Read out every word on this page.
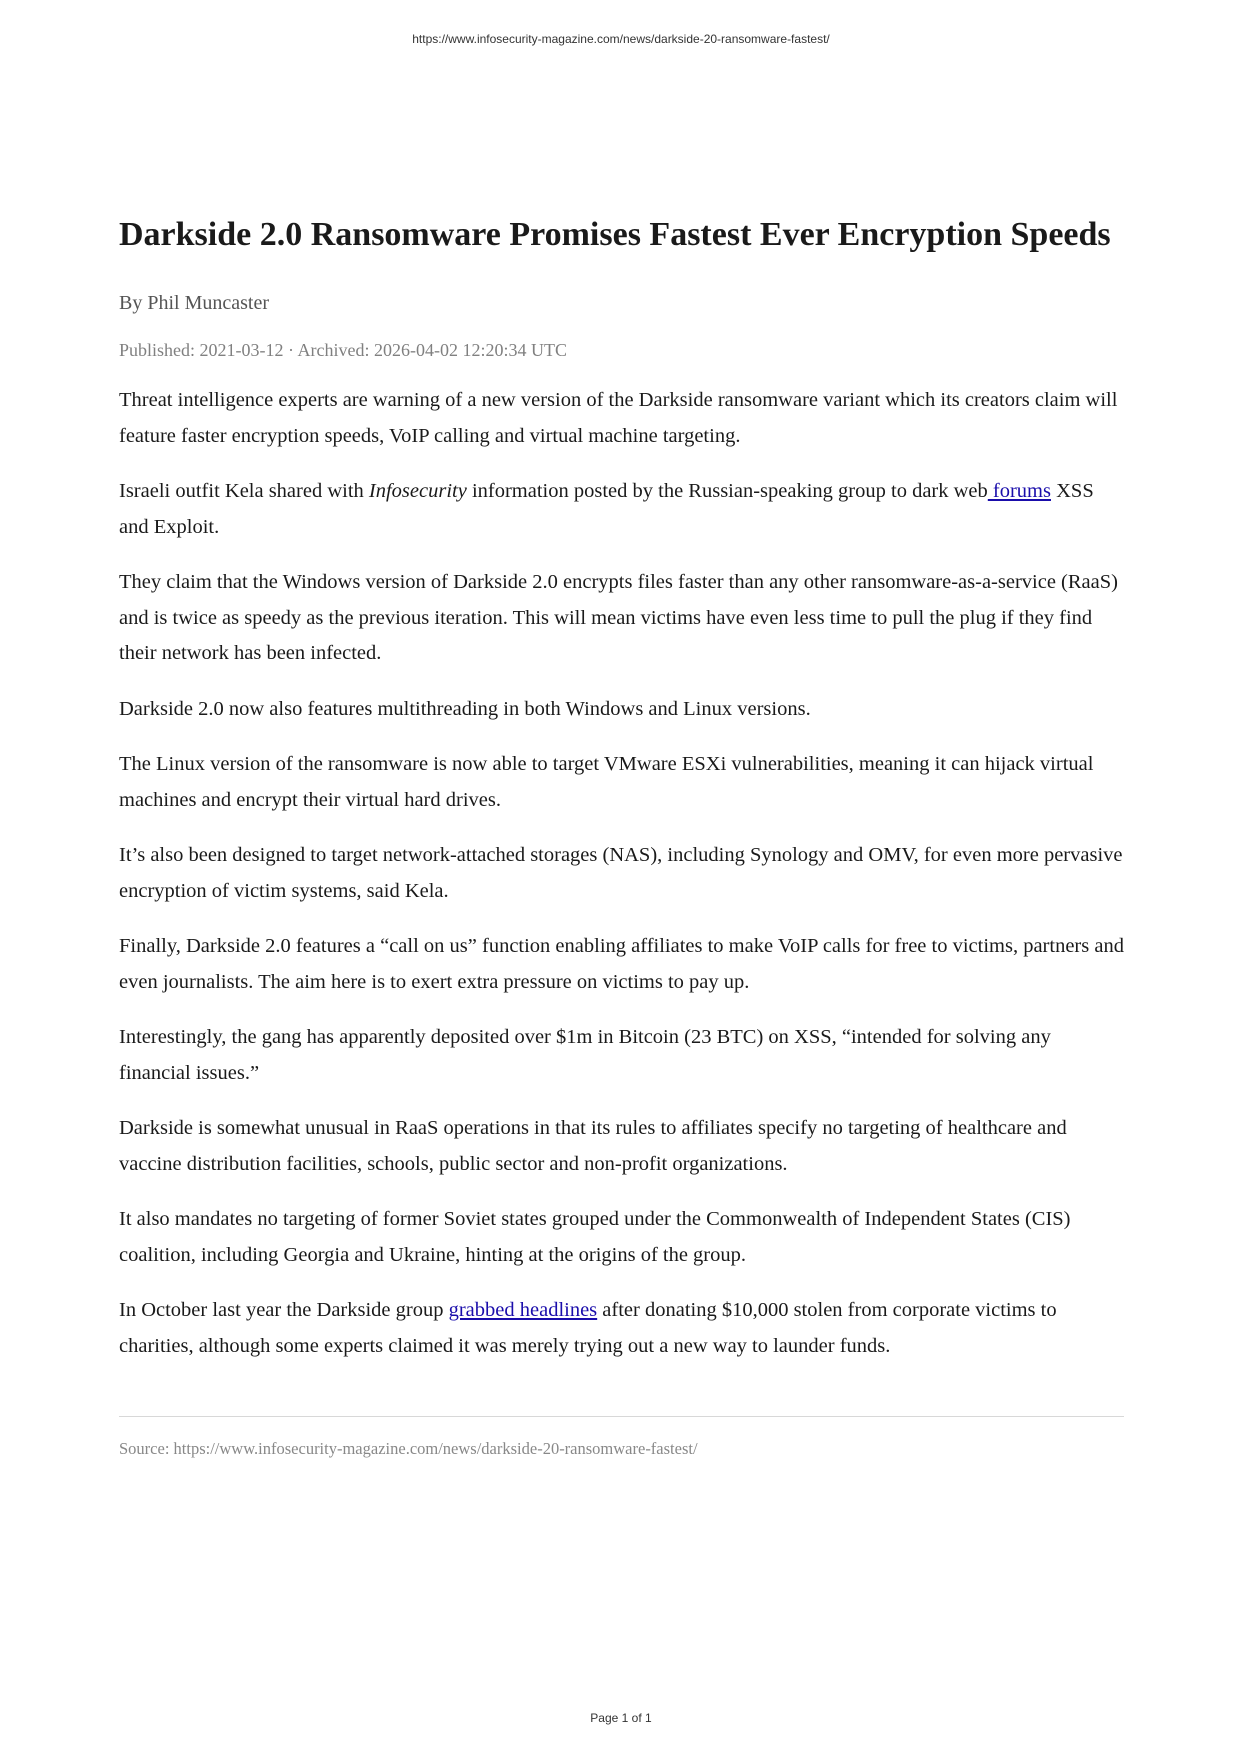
https://www.infosecurity-magazine.com/news/darkside-20-ransomware-fastest/
Darkside 2.0 Ransomware Promises Fastest Ever Encryption Speeds
By Phil Muncaster
Published: 2021-03-12 · Archived: 2026-04-02 12:20:34 UTC

Threat intelligence experts are warning of a new version of the Darkside ransomware variant which its creators claim will feature faster encryption speeds, VoIP calling and virtual machine targeting.

Israeli outfit Kela shared with Infosecurity information posted by the Russian-speaking group to dark web forums XSS and Exploit.

They claim that the Windows version of Darkside 2.0 encrypts files faster than any other ransomware-as-a-service (RaaS) and is twice as speedy as the previous iteration. This will mean victims have even less time to pull the plug if they find their network has been infected.

Darkside 2.0 now also features multithreading in both Windows and Linux versions.

The Linux version of the ransomware is now able to target VMware ESXi vulnerabilities, meaning it can hijack virtual machines and encrypt their virtual hard drives.

It’s also been designed to target network-attached storages (NAS), including Synology and OMV, for even more pervasive encryption of victim systems, said Kela.

Finally, Darkside 2.0 features a “call on us” function enabling affiliates to make VoIP calls for free to victims, partners and even journalists. The aim here is to exert extra pressure on victims to pay up.

Interestingly, the gang has apparently deposited over $1m in Bitcoin (23 BTC) on XSS, “intended for solving any financial issues.”

Darkside is somewhat unusual in RaaS operations in that its rules to affiliates specify no targeting of healthcare and vaccine distribution facilities, schools, public sector and non-profit organizations.

It also mandates no targeting of former Soviet states grouped under the Commonwealth of Independent States (CIS) coalition, including Georgia and Ukraine, hinting at the origins of the group.

In October last year the Darkside group grabbed headlines after donating $10,000 stolen from corporate victims to charities, although some experts claimed it was merely trying out a new way to launder funds.

Source: https://www.infosecurity-magazine.com/news/darkside-20-ransomware-fastest/
Page 1 of 1
